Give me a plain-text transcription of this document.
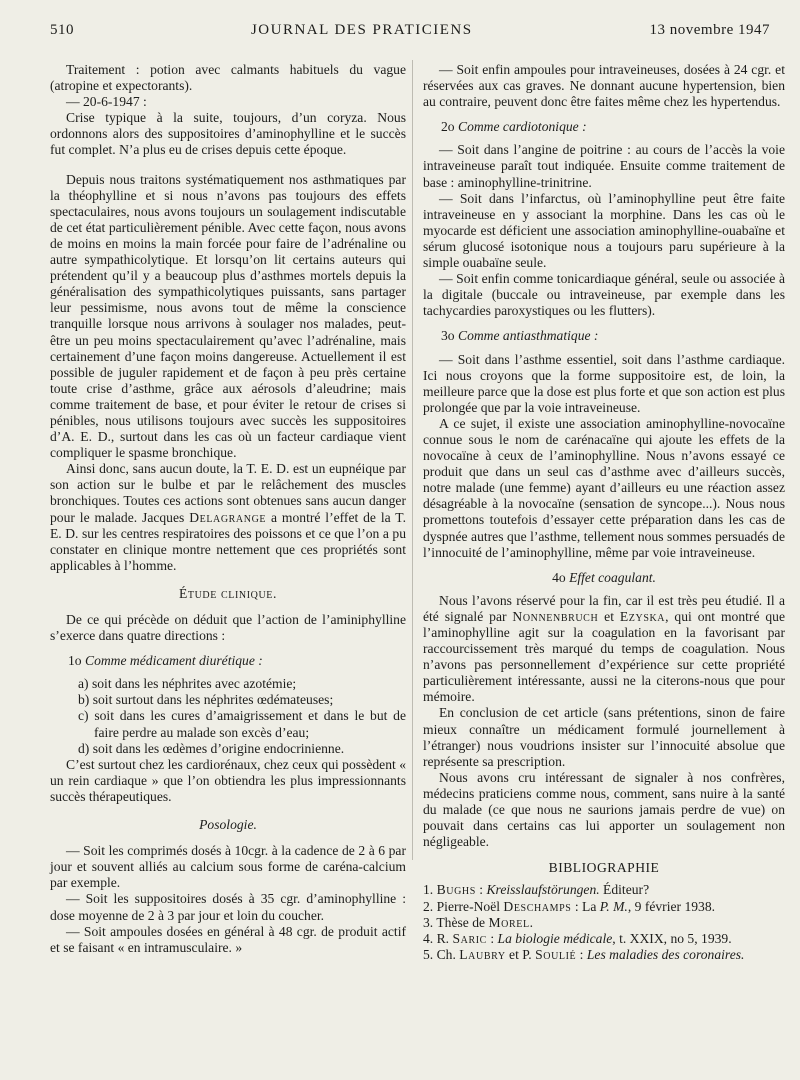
510	JOURNAL DES PRATICIENS	13 novembre 1947

Traitement : potion avec calmants habituels du vague (atropine et expectorants).

— 20-6-1947 :

Crise typique à la suite, toujours, d’un coryza. Nous ordonnons alors des suppositoires d’aminophylline et le succès fut complet. N’a plus eu de crises depuis cette époque.

Depuis nous traitons systématiquement nos asthmatiques par la théophylline et si nous n’avons pas toujours des effets spectaculaires, nous avons toujours un soulagement indiscutable de cet état particulièrement pénible. Avec cette façon, nous avons de moins en moins la main forcée pour faire de l’adrénaline ou autre sympathicolytique. Et lorsqu’on lit certains auteurs qui prétendent qu’il y a beaucoup plus d’asthmes mortels depuis la généralisation des sympathicolytiques puissants, sans partager leur pessimisme, nous avons tout de même la conscience tranquille lorsque nous arrivons à soulager nos malades, peut-être un peu moins spectaculairement qu’avec l’adrénaline, mais certainement d’une façon moins dangereuse. Actuellement il est possible de juguler rapidement et de façon à peu près certaine toute crise d’asthme, grâce aux aérosols d’aleudrine; mais comme traitement de base, et pour éviter le retour de crises si pénibles, nous utilisons toujours avec succès les suppositoires d’A. E. D., surtout dans les cas où un facteur cardiaque vient compliquer le spasme bronchique.

Ainsi donc, sans aucun doute, la T. E. D. est un eupnéique par son action sur le bulbe et par le relâchement des muscles bronchiques. Toutes ces actions sont obtenues sans aucun danger pour le malade. Jacques Delagrange a montré l’effet de la T. E. D. sur les centres respiratoires des poissons et ce que l’on a pu constater en clinique montre nettement que ces propriétés sont applicables à l’homme.

Étude clinique.

De ce qui précède on déduit que l’action de l’aminiphylline s’exerce dans quatre directions :

1o Comme médicament diurétique :

a) soit dans les néphrites avec azotémie;

b) soit surtout dans les néphrites œdémateuses;

c) soit dans les cures d’amaigrissement et dans le but de faire perdre au malade son excès d’eau;

d) soit dans les œdèmes d’origine endocrinienne.

C’est surtout chez les cardiorénaux, chez ceux qui possèdent « un rein cardiaque » que l’on obtiendra les plus impressionnants succès thérapeutiques.

Posologie.

— Soit les comprimés dosés à 10cgr. à la cadence de 2 à 6 par jour et souvent alliés au calcium sous forme de caréna-calcium par exemple.

— Soit les suppositoires dosés à 35 cgr. d’aminophylline : dose moyenne de 2 à 3 par jour et loin du coucher.

— Soit ampoules dosées en général à 48 cgr. de produit actif et se faisant « en intramusculaire. »

— Soit enfin ampoules pour intraveineuses, dosées à 24 cgr. et réservées aux cas graves. Ne donnant aucune hypertension, bien au contraire, peuvent donc être faites même chez les hypertendus.

2o Comme cardiotonique :

— Soit dans l’angine de poitrine : au cours de l’accès la voie intraveineuse paraît tout indiquée. Ensuite comme traitement de base : aminophylline-trinitrine.

— Soit dans l’infarctus, où l’aminophylline peut être faite intraveineuse en y associant la morphine. Dans les cas où le myocarde est déficient une association aminophylline-ouabaïne et sérum glucosé isotonique nous a toujours paru supérieure à la simple ouabaïne seule.

— Soit enfin comme tonicardiaque général, seule ou associée à la digitale (buccale ou intraveineuse, par exemple dans les tachycardies paroxystiques ou les flutters).

3o Comme antiasthmatique :

— Soit dans l’asthme essentiel, soit dans l’asthme cardiaque. Ici nous croyons que la forme suppositoire est, de loin, la meilleure parce que la dose est plus forte et que son action est plus prolongée que par la voie intraveineuse.

A ce sujet, il existe une association aminophylline-novocaïne connue sous le nom de carénacaïne qui ajoute les effets de la novocaïne à ceux de l’aminophylline. Nous n’avons essayé ce produit que dans un seul cas d’asthme avec d’ailleurs succès, notre malade (une femme) ayant d’ailleurs eu une réaction assez désagréable à la novocaïne (sensation de syncope...). Nous nous promettons toutefois d’essayer cette préparation dans les cas de dyspnée autres que l’asthme, tellement nous sommes persuadés de l’innocuité de l’aminophylline, même par voie intraveineuse.

4o Effet coagulant.

Nous l’avons réservé pour la fin, car il est très peu étudié. Il a été signalé par Nonnenbruch et Ezyska, qui ont montré que l’aminophylline agit sur la coagulation en la favorisant par raccourcissement très marqué du temps de coagulation. Nous n’avons pas personnellement d’expérience sur cette propriété particulièrement intéressante, aussi ne la citerons-nous que pour mémoire.

En conclusion de cet article (sans prétentions, sinon de faire mieux connaître un médicament formulé journellement à l’étranger) nous voudrions insister sur l’innocuité absolue que représente sa prescription.

Nous avons cru intéressant de signaler à nos confrères, médecins praticiens comme nous, comment, sans nuire à la santé du malade (ce que nous ne saurions jamais perdre de vue) on pouvait dans certains cas lui apporter un soulagement non négligeable.

BIBLIOGRAPHIE

1. Bughs : Kreisslaufstörungen. Éditeur?

2. Pierre-Noël Deschamps : La P. M., 9 février 1938.

3. Thèse de Morel.

4. R. Saric : La biologie médicale, t. XXIX, no 5, 1939.

5. Ch. Laubry et P. Soulié : Les maladies des coronaires.
